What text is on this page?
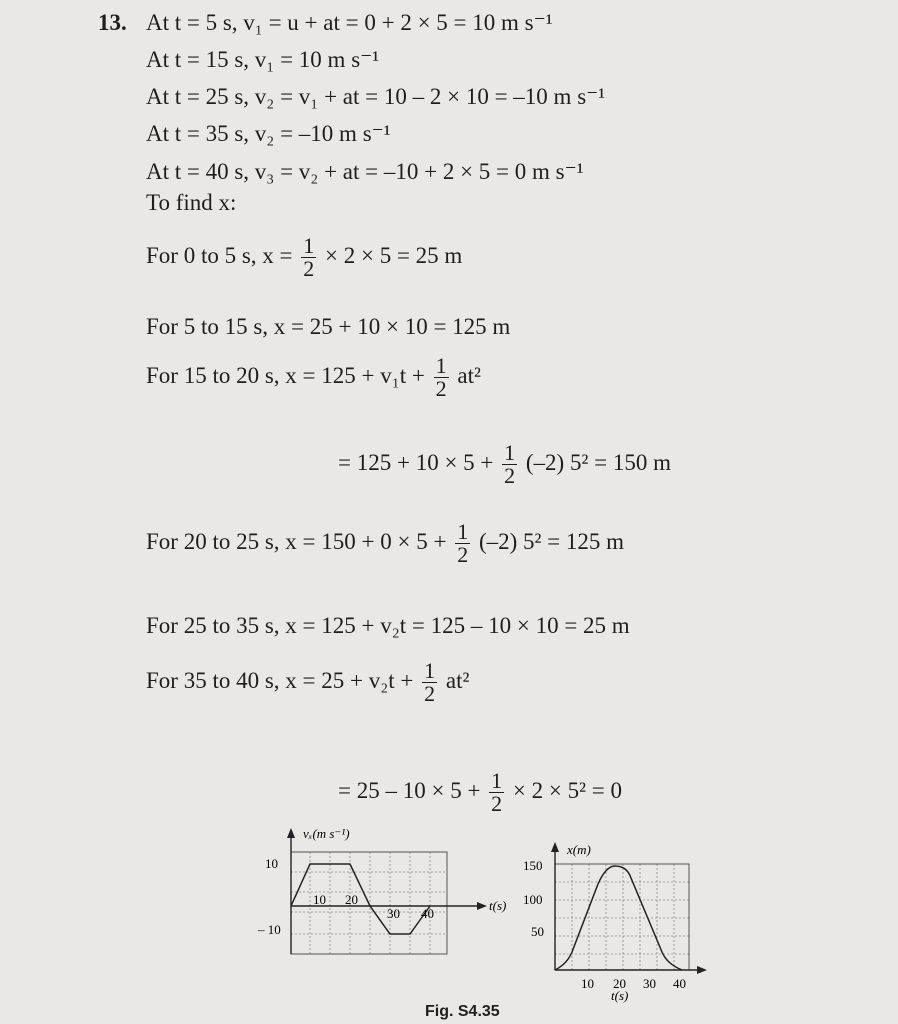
13. At t = 5 s, v₁ = u + at = 0 + 2 × 5 = 10 m s⁻¹
At t = 15 s, v₁ = 10 m s⁻¹
At t = 25 s, v₂ = v₁ + at = 10 – 2 × 10 = –10 m s⁻¹
At t = 35 s, v₂ = –10 m s⁻¹
At t = 40 s, v₃ = v₂ + at = –10 + 2 × 5 = 0 m s⁻¹
To find x:
For 0 to 5 s, $x = \frac{1}{2} \times 2 \times 5 = 25$ m
For 5 to 15 s, x = 25 + 10 × 10 = 125 m
For 15 to 20 s, $x = 125 + v_1t + \frac{1}{2} at^2$
= $125 + 10 \times 5 + \frac{1}{2} (-2) 5^2 = 150$ m
For 20 to 25 s, $x = 150 + 0 \times 5 + \frac{1}{2} (-2) 5^2 = 125$ m
For 25 to 35 s, x = 125 + v₂t = 125 – 10 × 10 = 25 m
For 35 to 40 s, $x = 25 + v_2t + \frac{1}{2} at^2$
= $25 - 10 \times 5 + \frac{1}{2} \times 2 \times 5^2 = 0$
vₓ(m s⁻¹)
10
– 10
10 20
30 40
t(s)
x(m)
150
100
50
10 20 30 40
t(s)
Fig. S4.35
